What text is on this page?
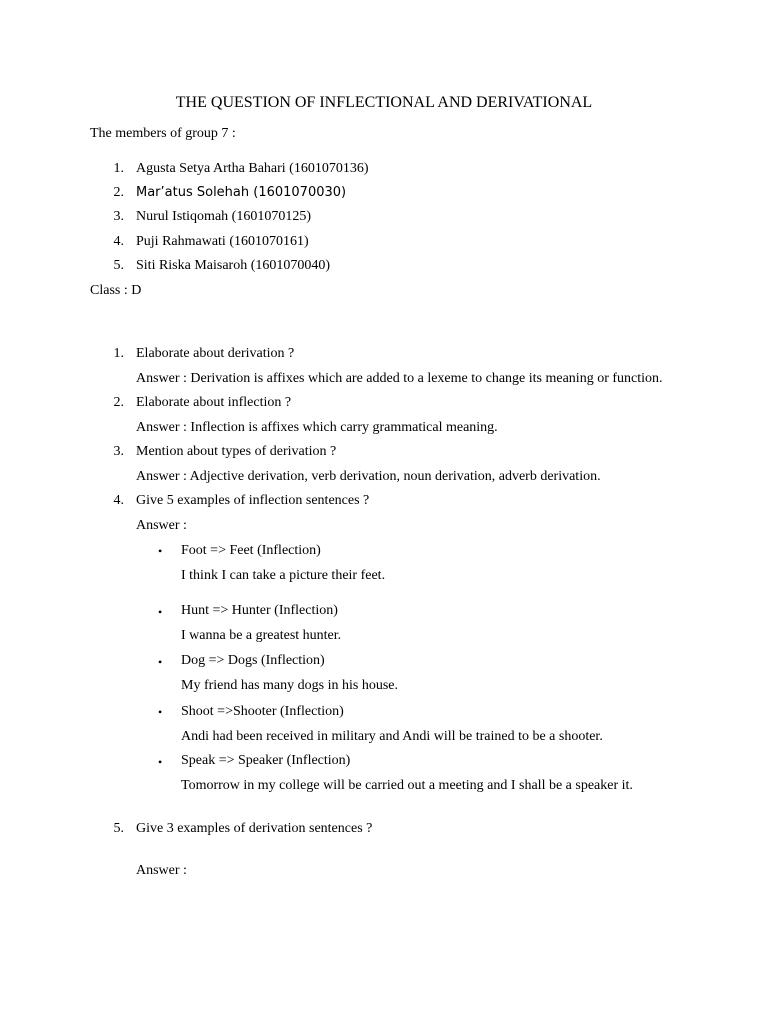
THE QUESTION OF INFLECTIONAL AND DERIVATIONAL
The members of group 7 :
1. Agusta Setya Artha Bahari (1601070136)
2. Mar’atus Solehah (1601070030)
3. Nurul Istiqomah (1601070125)
4. Puji Rahmawati (1601070161)
5. Siti Riska Maisaroh (1601070040)
Class : D
1. Elaborate about derivation ?
Answer : Derivation is affixes which are added to a lexeme to change its meaning or function.
2. Elaborate about inflection ?
Answer : Inflection is affixes which carry grammatical meaning.
3. Mention about types of derivation ?
Answer : Adjective derivation, verb derivation, noun derivation, adverb derivation.
4. Give 5 examples of inflection sentences ?
Answer :
• Foot => Feet (Inflection)
I think I can take a picture their feet.
• Hunt => Hunter (Inflection)
I wanna be a greatest hunter.
• Dog => Dogs (Inflection)
My friend has many dogs in his house.
• Shoot =>Shooter (Inflection)
Andi had been received in military and Andi will be trained to be a shooter.
• Speak => Speaker (Inflection)
Tomorrow in my college will be carried out a meeting and I shall be a speaker it.
5. Give 3 examples of derivation sentences ?
Answer :
